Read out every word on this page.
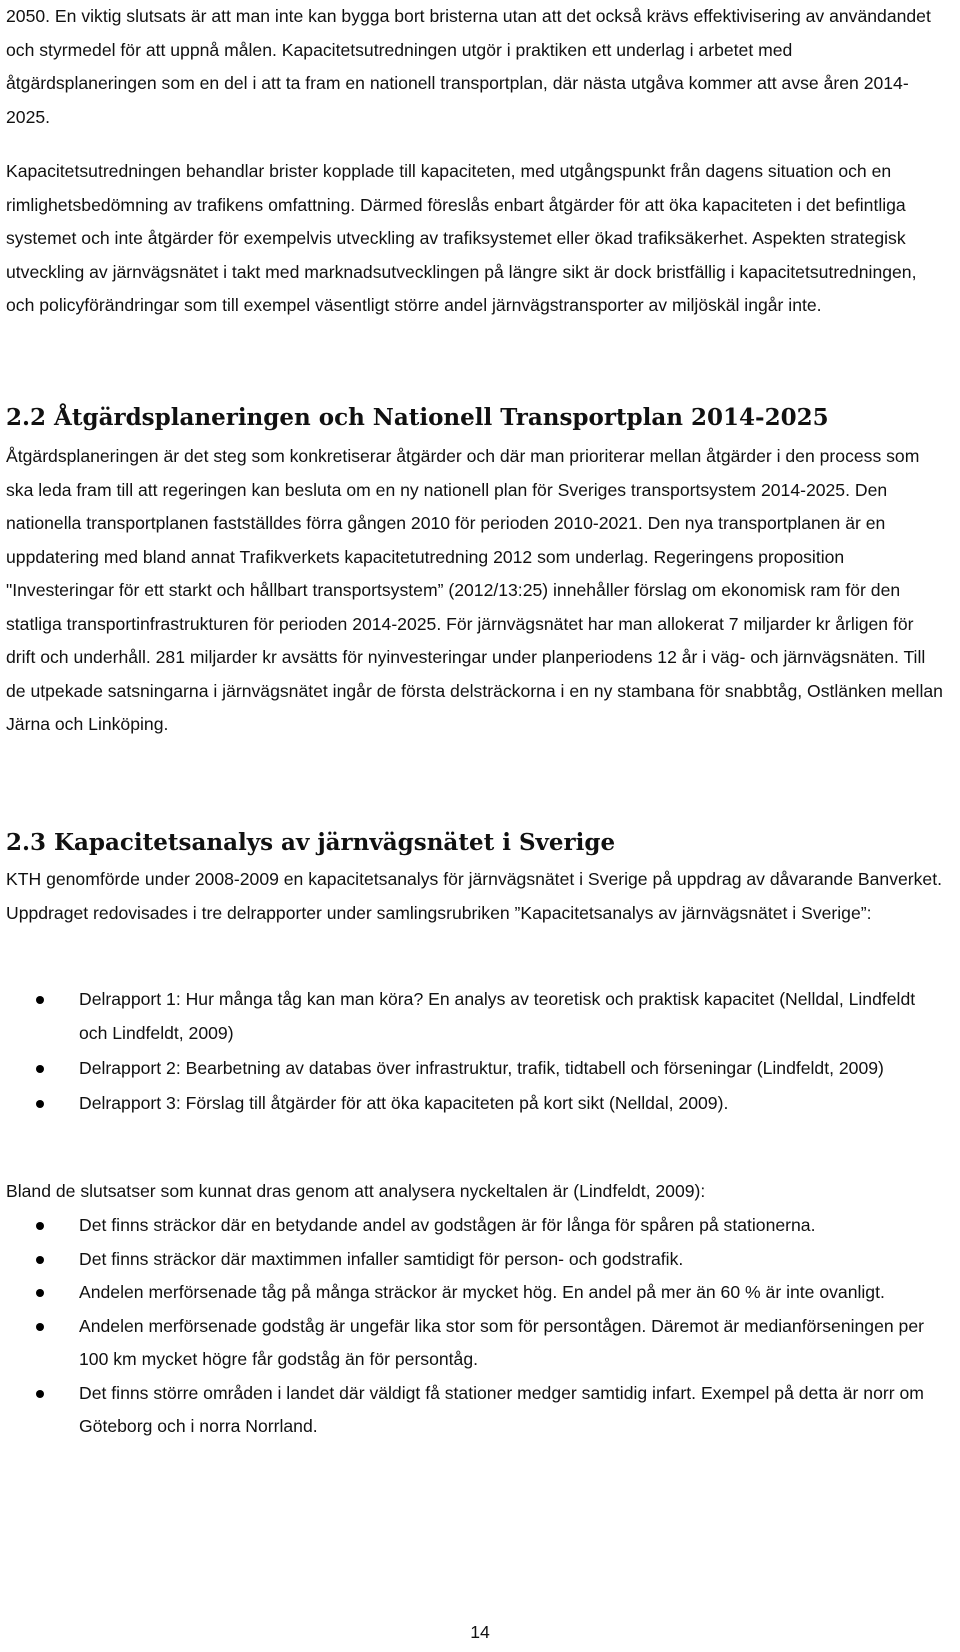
2050. En viktig slutsats är att man inte kan bygga bort bristerna utan att det också krävs effektivisering av användandet och styrmedel för att uppnå målen. Kapacitetsutredningen utgör i praktiken ett underlag i arbetet med åtgärdsplaneringen som en del i att ta fram en nationell transportplan, där nästa utgåva kommer att avse åren 2014-2025.

Kapacitetsutredningen behandlar brister kopplade till kapaciteten, med utgångspunkt från dagens situation och en rimlighetsbedömning av trafikens omfattning. Därmed föreslås enbart åtgärder för att öka kapaciteten i det befintliga systemet och inte åtgärder för exempelvis utveckling av trafiksystemet eller ökad trafiksäkerhet. Aspekten strategisk utveckling av järnvägsnätet i takt med marknadsutvecklingen på längre sikt är dock bristfällig i kapacitetsutredningen, och policyförändringar som till exempel väsentligt större andel järnvägstransporter av miljöskäl ingår inte.

2.2 Åtgärdsplaneringen och Nationell Transportplan 2014-2025

Åtgärdsplaneringen är det steg som konkretiserar åtgärder och där man prioriterar mellan åtgärder i den process som ska leda fram till att regeringen kan besluta om en ny nationell plan för Sveriges transportsystem 2014-2025. Den nationella transportplanen fastställdes förra gången 2010 för perioden 2010-2021. Den nya transportplanen är en uppdatering med bland annat Trafikverkets kapacitetutredning 2012 som underlag. Regeringens proposition "Investeringar för ett starkt och hållbart transportsystem” (2012/13:25) innehåller förslag om ekonomisk ram för den statliga transportinfrastrukturen för perioden 2014-2025. För järnvägsnätet har man allokerat 7 miljarder kr årligen för drift och underhåll. 281 miljarder kr avsätts för nyinvesteringar under planperiodens 12 år i väg- och järnvägsnäten. Till de utpekade satsningarna i järnvägsnätet ingår de första delsträckorna i en ny stambana för snabbtåg, Ostlänken mellan Järna och Linköping.

2.3 Kapacitetsanalys av järnvägsnätet i Sverige

KTH genomförde under 2008-2009 en kapacitetsanalys för järnvägsnätet i Sverige på uppdrag av dåvarande Banverket. Uppdraget redovisades i tre delrapporter under samlingsrubriken ”Kapacitetsanalys av järnvägsnätet i Sverige”:

Delrapport 1: Hur många tåg kan man köra? En analys av teoretisk och praktisk kapacitet (Nelldal, Lindfeldt och Lindfeldt, 2009)
Delrapport 2: Bearbetning av databas över infrastruktur, trafik, tidtabell och förseningar (Lindfeldt, 2009)
Delrapport 3: Förslag till åtgärder för att öka kapaciteten på kort sikt (Nelldal, 2009).

Bland de slutsatser som kunnat dras genom att analysera nyckeltalen är (Lindfeldt, 2009):

Det finns sträckor där en betydande andel av godstågen är för långa för spåren på stationerna.
Det finns sträckor där maxtimmen infaller samtidigt för person- och godstrafik.
Andelen merförsenade tåg på många sträckor är mycket hög. En andel på mer än 60 % är inte ovanligt.
Andelen merförsenade godståg är ungefär lika stor som för persontågen. Däremot är medianförseningen per 100 km mycket högre får godståg än för persontåg.
Det finns större områden i landet där väldigt få stationer medger samtidig infart. Exempel på detta är norr om Göteborg och i norra Norrland.
14
